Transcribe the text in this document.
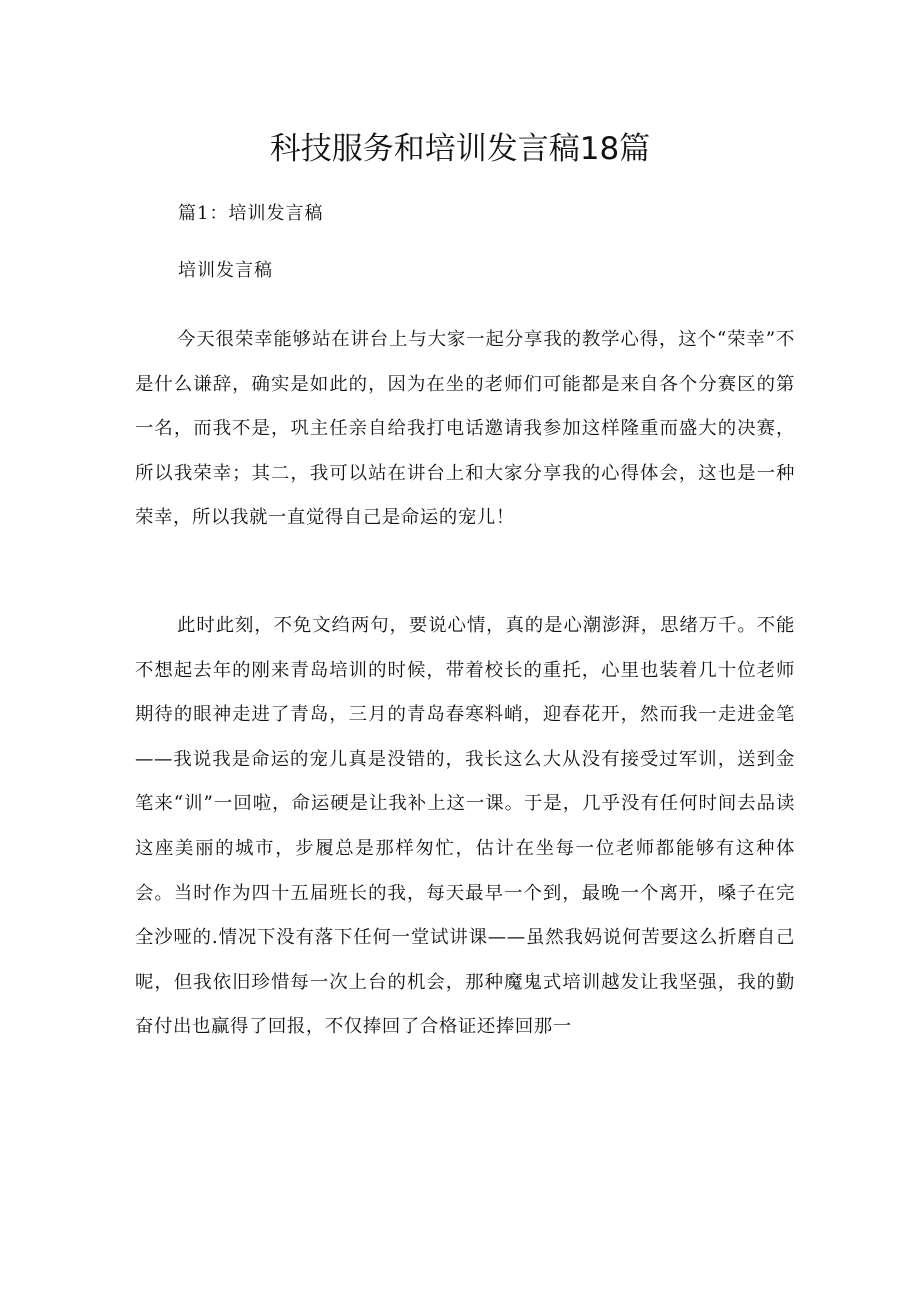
科技服务和培训发言稿18篇

篇1：培训发言稿

培训发言稿

今天很荣幸能够站在讲台上与大家一起分享我的教学心得，这个“荣幸”不是什么谦辞，确实是如此的，因为在坐的老师们可能都是来自各个分赛区的第一名，而我不是，巩主任亲自给我打电话邀请我参加这样隆重而盛大的决赛，所以我荣幸；其二，我可以站在讲台上和大家分享我的心得体会，这也是一种荣幸，所以我就一直觉得自己是命运的宠儿！

此时此刻，不免文绉两句，要说心情，真的是心潮澎湃，思绪万千。不能不想起去年的刚来青岛培训的时候，带着校长的重托，心里也装着几十位老师期待的眼神走进了青岛，三月的青岛春寒料峭，迎春花开，然而我一走进金笔——我说我是命运的宠儿真是没错的，我长这么大从没有接受过军训，送到金笔来“训”一回啦，命运硬是让我补上这一课。于是，几乎没有任何时间去品读这座美丽的城市，步履总是那样匆忙，估计在坐每一位老师都能够有这种体会。当时作为四十五届班长的我，每天最早一个到，最晚一个离开，嗓子在完全沙哑的.情况下没有落下任何一堂试讲课——虽然我妈说何苦要这么折磨自己呢，但我依旧珍惜每一次上台的机会，那种魔鬼式培训越发让我坚强，我的勤奋付出也赢得了回报，不仅捧回了合格证还捧回那一
